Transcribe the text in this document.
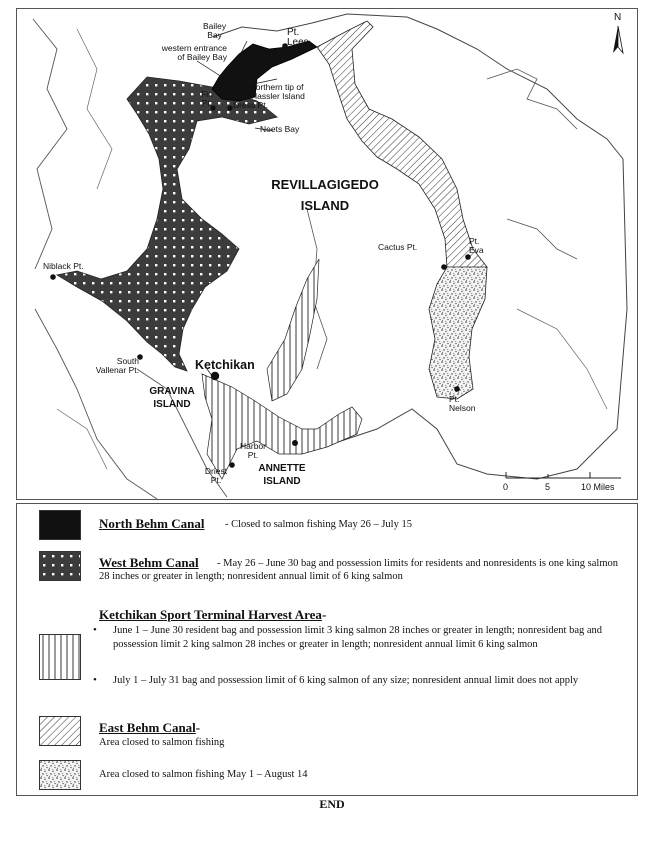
N
Bailey
Bay	Pt.
Lees
western entrance
of Bailey Bay
Elsie
Pt.
northern tip of
Hassler Island
Fin
Pt. Dress Pt.
Neets Bay
REVILLAGIGEDO
ISLAND
Cactus Pt.
Pt.
Eva
Niblack Pt.
South
Vallenar Pt.	Ketchikan
GRAVINA
ISLAND	Pt.
Nelson
Harbor
Pt.
Driest
Pt.
ANNETTE
ISLAND	0	5	10 Miles
North Behm Canal - Closed to salmon fishing May 26 – July 15
West Behm Canal	- May 26 – June 30 bag and possession limits for residents and nonresidents is one king salmon 28 inches or greater in length; nonresident annual limit of 6 king salmon
Ketchikan Sport Terminal Harvest Area-
• June 1 – June 30 resident bag and possession limit 3 king salmon 28 inches or greater in length; nonresident bag and possession limit 2 king salmon 28 inches or greater in length; nonresident annual limit 6 king salmon
• July 1 – July 31 bag and possession limit of 6 king salmon of any size; nonresident annual limit does not apply
East Behm Canal-
Area closed to salmon fishing
Area closed to salmon fishing May 1 – August 14
END
